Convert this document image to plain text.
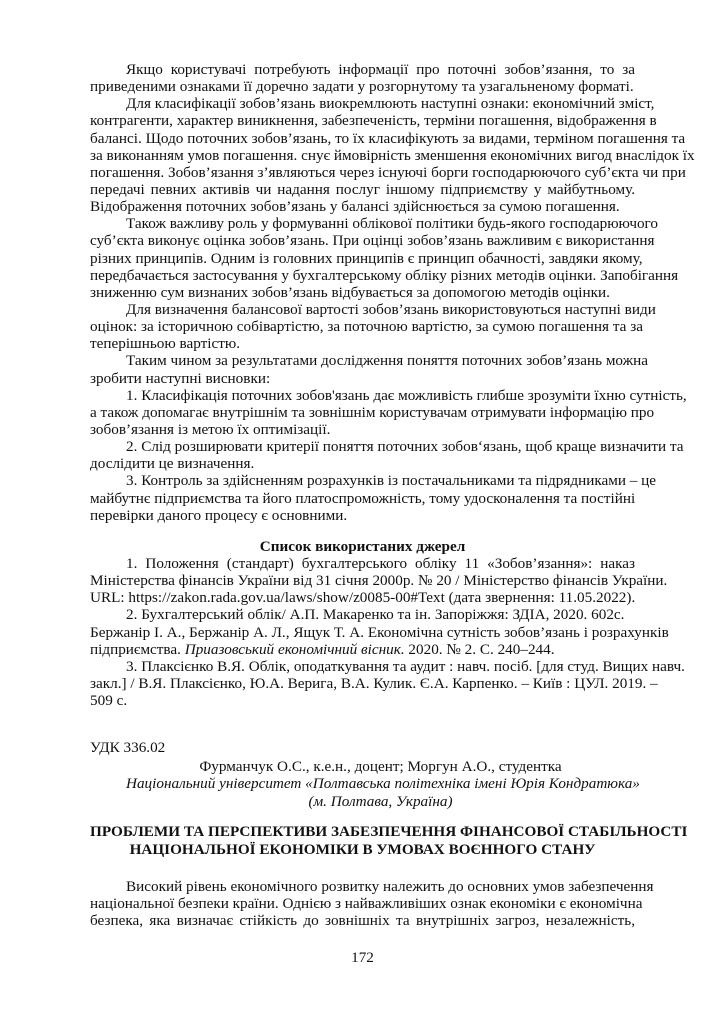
Якщо користувачі потребують інформації про поточні зобов’язання, то за
приведеними ознаками її доречно задати у розгорнутому та узагальненому форматі.
Для класифікації зобов’язань виокремлюють наступні ознаки: економічний зміст,
контрагенти, характер виникнення, забезпеченість, терміни погашення, відображення в
балансі. Щодо поточних зобов’язань, то їх класифікують за видами, терміном погашення та
за виконанням умов погашення. снує ймовірність зменшення економічних вигод внаслідок їх
погашення. Зобов’язання з’являються через існуючі борги господарюючого суб’єкта чи при
передачі певних активів чи надання послуг іншому підприємству у майбутньому.
Відображення поточних зобов’язань у балансі здійснюється за сумою погашення.
Також важливу роль у формуванні облікової політики будь-якого господарюючого
суб’єкта виконує оцінка зобов’язань. При оцінці зобов’язань важливим є використання
різних принципів. Одним із головних принципів є принцип обачності, завдяки якому,
передбачається застосування у бухгалтерському обліку різних методів оцінки. Запобігання
зниженню сум визнаних зобов’язань відбувається за допомогою методів оцінки.
Для визначення балансової вартості зобов’язань використовуються наступні види
оцінок: за історичною собівартістю, за поточною вартістю, за сумою погашення та за
теперішньою вартістю.
Таким чином за результатами дослідження поняття поточних зобов’язань можна
зробити наступні висновки:
1. Класифікація поточних зобов'язань дає можливість глибше зрозуміти їхню сутність,
а також допомагає внутрішнім та зовнішнім користувачам отримувати інформацію про
зобов’язання із метою їх оптимізації.
2. Слід розширювати критерії поняття поточних зобов‘язань, щоб краще визначити та
дослідити це визначення.
3. Контроль за здійсненням розрахунків із постачальниками та підрядниками – це
майбутнє підприємства та його платоспроможність, тому удосконалення та постійні
перевірки даного процесу є основними.
Список використаних джерел
1. Положення (стандарт) бухгалтерського обліку 11 «Зобов’язання»: наказ
Міністерства фінансів України від 31 січня 2000р. № 20 / Міністерство фінансів України.
URL: https://zakon.rada.gov.ua/laws/show/z0085-00#Text (дата звернення: 11.05.2022).
2. Бухгалтерський облік/ А.П. Макаренко та ін. Запоріжжя: ЗДІА, 2020. 602с.
Бержанір І. А., Бержанір А. Л., Ящук Т. А. Економічна сутність зобов’язань і розрахунків
підприємства. Приазовський економічний вісник. 2020. № 2. С. 240–244.
3. Плаксієнко В.Я. Облік, оподаткування та аудит : навч. посіб. [для студ. Вищих навч.
закл.] / В.Я. Плаксієнко, Ю.А. Верига, В.А. Кулик. Є.А. Карпенко. – Київ : ЦУЛ. 2019. –
509 с.
УДК 336.02
Фурманчук О.С., к.е.н., доцент; Моргун А.О., студентка
Національний університет «Полтавська політехніка імені Юрія Кондратюка»
(м. Полтава, Україна)
ПРОБЛЕМИ ТА ПЕРСПЕКТИВИ ЗАБЕЗПЕЧЕННЯ ФІНАНСОВОЇ СТАБІЛЬНОСТІ
НАЦІОНАЛЬНОЇ ЕКОНОМІКИ В УМОВАХ ВОЄННОГО СТАНУ
Високий рівень економічного розвитку належить до основних умов забезпечення
національної безпеки країни. Однією з найважливіших ознак економіки є економічна
безпека, яка визначає стійкість до зовнішніх та внутрішніх загроз, незалежність,
172
